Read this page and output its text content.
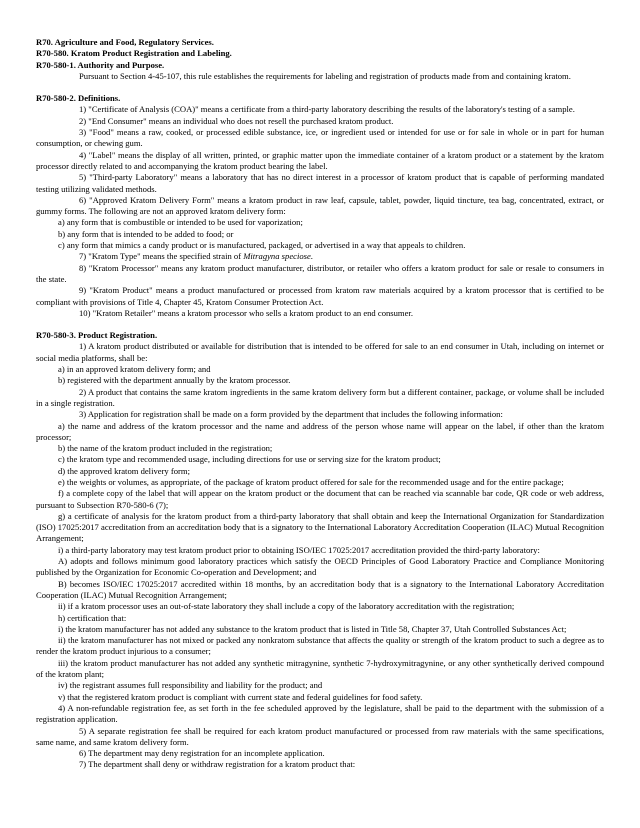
R70. Agriculture and Food, Regulatory Services.

R70-580. Kratom Product Registration and Labeling.

R70-580-1. Authority and Purpose.

Pursuant to Section 4-45-107, this rule establishes the requirements for labeling and registration of products made from and containing kratom.

R70-580-2. Definitions.

1) "Certificate of Analysis (COA)" means a certificate from a third-party laboratory describing the results of the laboratory's testing of a sample.

2) "End Consumer" means an individual who does not resell the purchased kratom product.

3) "Food" means a raw, cooked, or processed edible substance, ice, or ingredient used or intended for use or for sale in whole or in part for human consumption, or chewing gum.

4) "Label" means the display of all written, printed, or graphic matter upon the immediate container of a kratom product or a statement by the kratom processor directly related to and accompanying the kratom product bearing the label.

5) "Third-party Laboratory" means a laboratory that has no direct interest in a processor of kratom product that is capable of performing mandated testing utilizing validated methods.

6) "Approved Kratom Delivery Form" means a kratom product in raw leaf, capsule, tablet, powder, liquid tincture, tea bag, concentrated, extract, or gummy forms. The following are not an approved kratom delivery form:

a) any form that is combustible or intended to be used for vaporization;

b) any form that is intended to be added to food; or

c) any form that mimics a candy product or is manufactured, packaged, or advertised in a way that appeals to children.

7) "Kratom Type" means the specified strain of Mitragyna speciose.

8) "Kratom Processor" means any kratom product manufacturer, distributor, or retailer who offers a kratom product for sale or resale to consumers in the state.

9) "Kratom Product" means a product manufactured or processed from kratom raw materials acquired by a kratom processor that is certified to be compliant with provisions of Title 4, Chapter 45, Kratom Consumer Protection Act.

10) "Kratom Retailer" means a kratom processor who sells a kratom product to an end consumer.

R70-580-3. Product Registration.

1) A kratom product distributed or available for distribution that is intended to be offered for sale to an end consumer in Utah, including on internet or social media platforms, shall be:

a) in an approved kratom delivery form; and

b) registered with the department annually by the kratom processor.

2) A product that contains the same kratom ingredients in the same kratom delivery form but a different container, package, or volume shall be included in a single registration.

3) Application for registration shall be made on a form provided by the department that includes the following information:

a) the name and address of the kratom processor and the name and address of the person whose name will appear on the label, if other than the kratom processor;

b) the name of the kratom product included in the registration;

c) the kratom type and recommended usage, including directions for use or serving size for the kratom product;

d) the approved kratom delivery form;

e) the weights or volumes, as appropriate, of the package of kratom product offered for sale for the recommended usage and for the entire package;

f) a complete copy of the label that will appear on the kratom product or the document that can be reached via scannable bar code, QR code or web address, pursuant to Subsection R70-580-6 (7);

g) a certificate of analysis for the kratom product from a third-party laboratory that shall obtain and keep the International Organization for Standardization (ISO) 17025:2017 accreditation from an accreditation body that is a signatory to the International Laboratory Accreditation Cooperation (ILAC) Mutual Recognition Arrangement;

i) a third-party laboratory may test kratom product prior to obtaining ISO/IEC 17025:2017 accreditation provided the third-party laboratory:

A) adopts and follows minimum good laboratory practices which satisfy the OECD Principles of Good Laboratory Practice and Compliance Monitoring published by the Organization for Economic Co-operation and Development; and

B) becomes ISO/IEC 17025:2017 accredited within 18 months, by an accreditation body that is a signatory to the International Laboratory Accreditation Cooperation (ILAC) Mutual Recognition Arrangement;

ii) if a kratom processor uses an out-of-state laboratory they shall include a copy of the laboratory accreditation with the registration;

h) certification that:

i) the kratom manufacturer has not added any substance to the kratom product that is listed in Title 58, Chapter 37, Utah Controlled Substances Act;

ii) the kratom manufacturer has not mixed or packed any nonkratom substance that affects the quality or strength of the kratom product to such a degree as to render the kratom product injurious to a consumer;

iii) the kratom product manufacturer has not added any synthetic mitragynine, synthetic 7-hydroxymitragynine, or any other synthetically derived compound of the kratom plant;

iv) the registrant assumes full responsibility and liability for the product; and

v) that the registered kratom product is compliant with current state and federal guidelines for food safety.

4) A non-refundable registration fee, as set forth in the fee scheduled approved by the legislature, shall be paid to the department with the submission of a registration application.

5) A separate registration fee shall be required for each kratom product manufactured or processed from raw materials with the same specifications, same name, and same kratom delivery form.

6) The department may deny registration for an incomplete application.

7) The department shall deny or withdraw registration for a kratom product that:
